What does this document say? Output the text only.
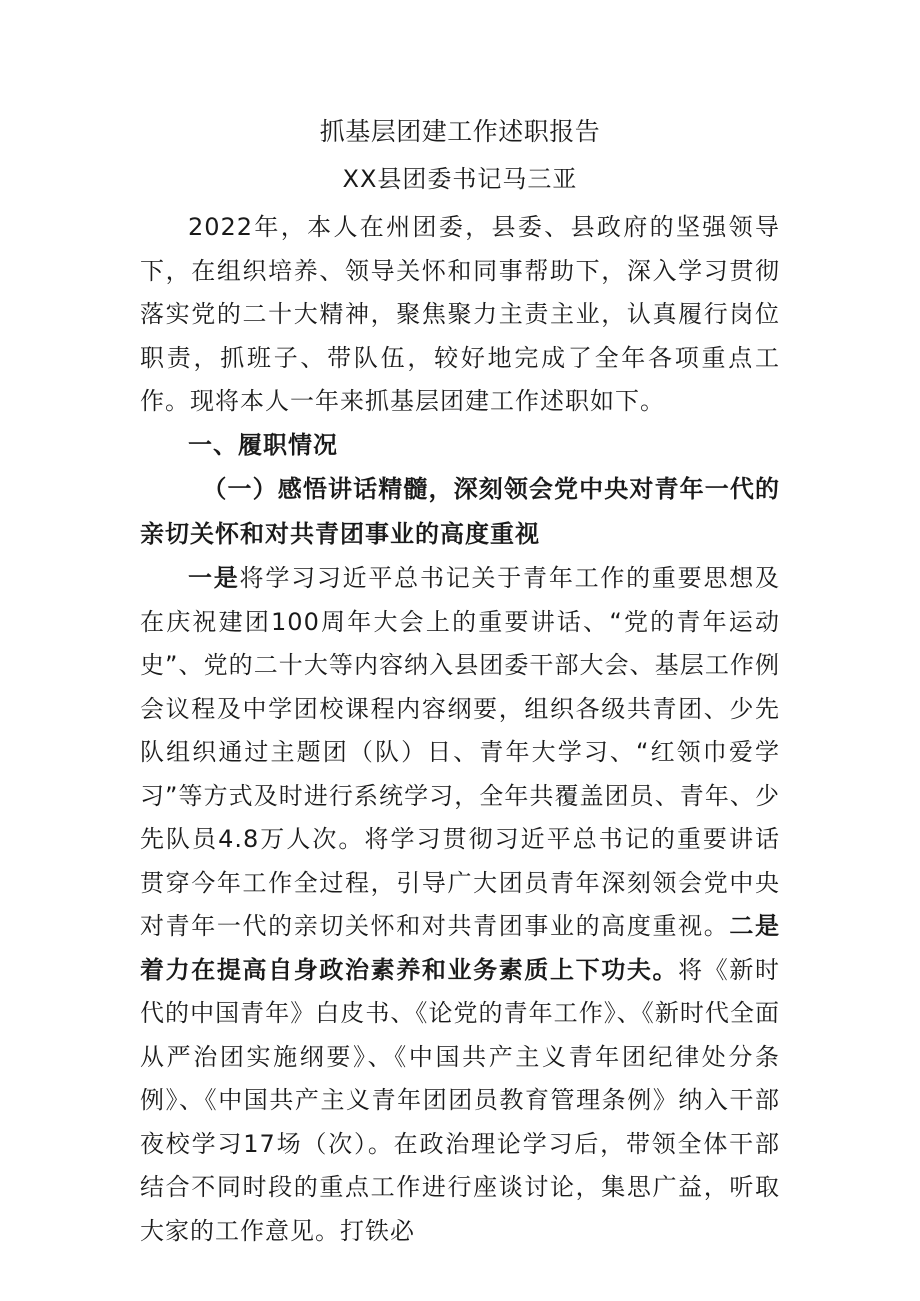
抓基层团建工作述职报告
XX县团委书记马三亚

2022年，本人在州团委，县委、县政府的坚强领导下，在组织培养、领导关怀和同事帮助下，深入学习贯彻落实党的二十大精神，聚焦聚力主责主业，认真履行岗位职责，抓班子、带队伍，较好地完成了全年各项重点工作。现将本人一年来抓基层团建工作述职如下。

一、履职情况

（一）感悟讲话精髓，深刻领会党中央对青年一代的亲切关怀和对共青团事业的高度重视

一是将学习习近平总书记关于青年工作的重要思想及在庆祝建团100周年大会上的重要讲话、“党的青年运动史”、党的二十大等内容纳入县团委干部大会、基层工作例会议程及中学团校课程内容纲要，组织各级共青团、少先队组织通过主题团（队）日、青年大学习、“红领巾爱学习”等方式及时进行系统学习，全年共覆盖团员、青年、少先队员4.8万人次。将学习贯彻习近平总书记的重要讲话贯穿今年工作全过程，引导广大团员青年深刻领会党中央对青年一代的亲切关怀和对共青团事业的高度重视。二是着力在提高自身政治素养和业务素质上下功夫。将《新时代的中国青年》白皮书、《论党的青年工作》、《新时代全面从严治团实施纲要》、《中国共产主义青年团纪律处分条例》、《中国共产主义青年团团员教育管理条例》纳入干部夜校学习17场（次）。在政治理论学习后，带领全体干部结合不同时段的重点工作进行座谈讨论，集思广益，听取大家的工作意见。打铁必
